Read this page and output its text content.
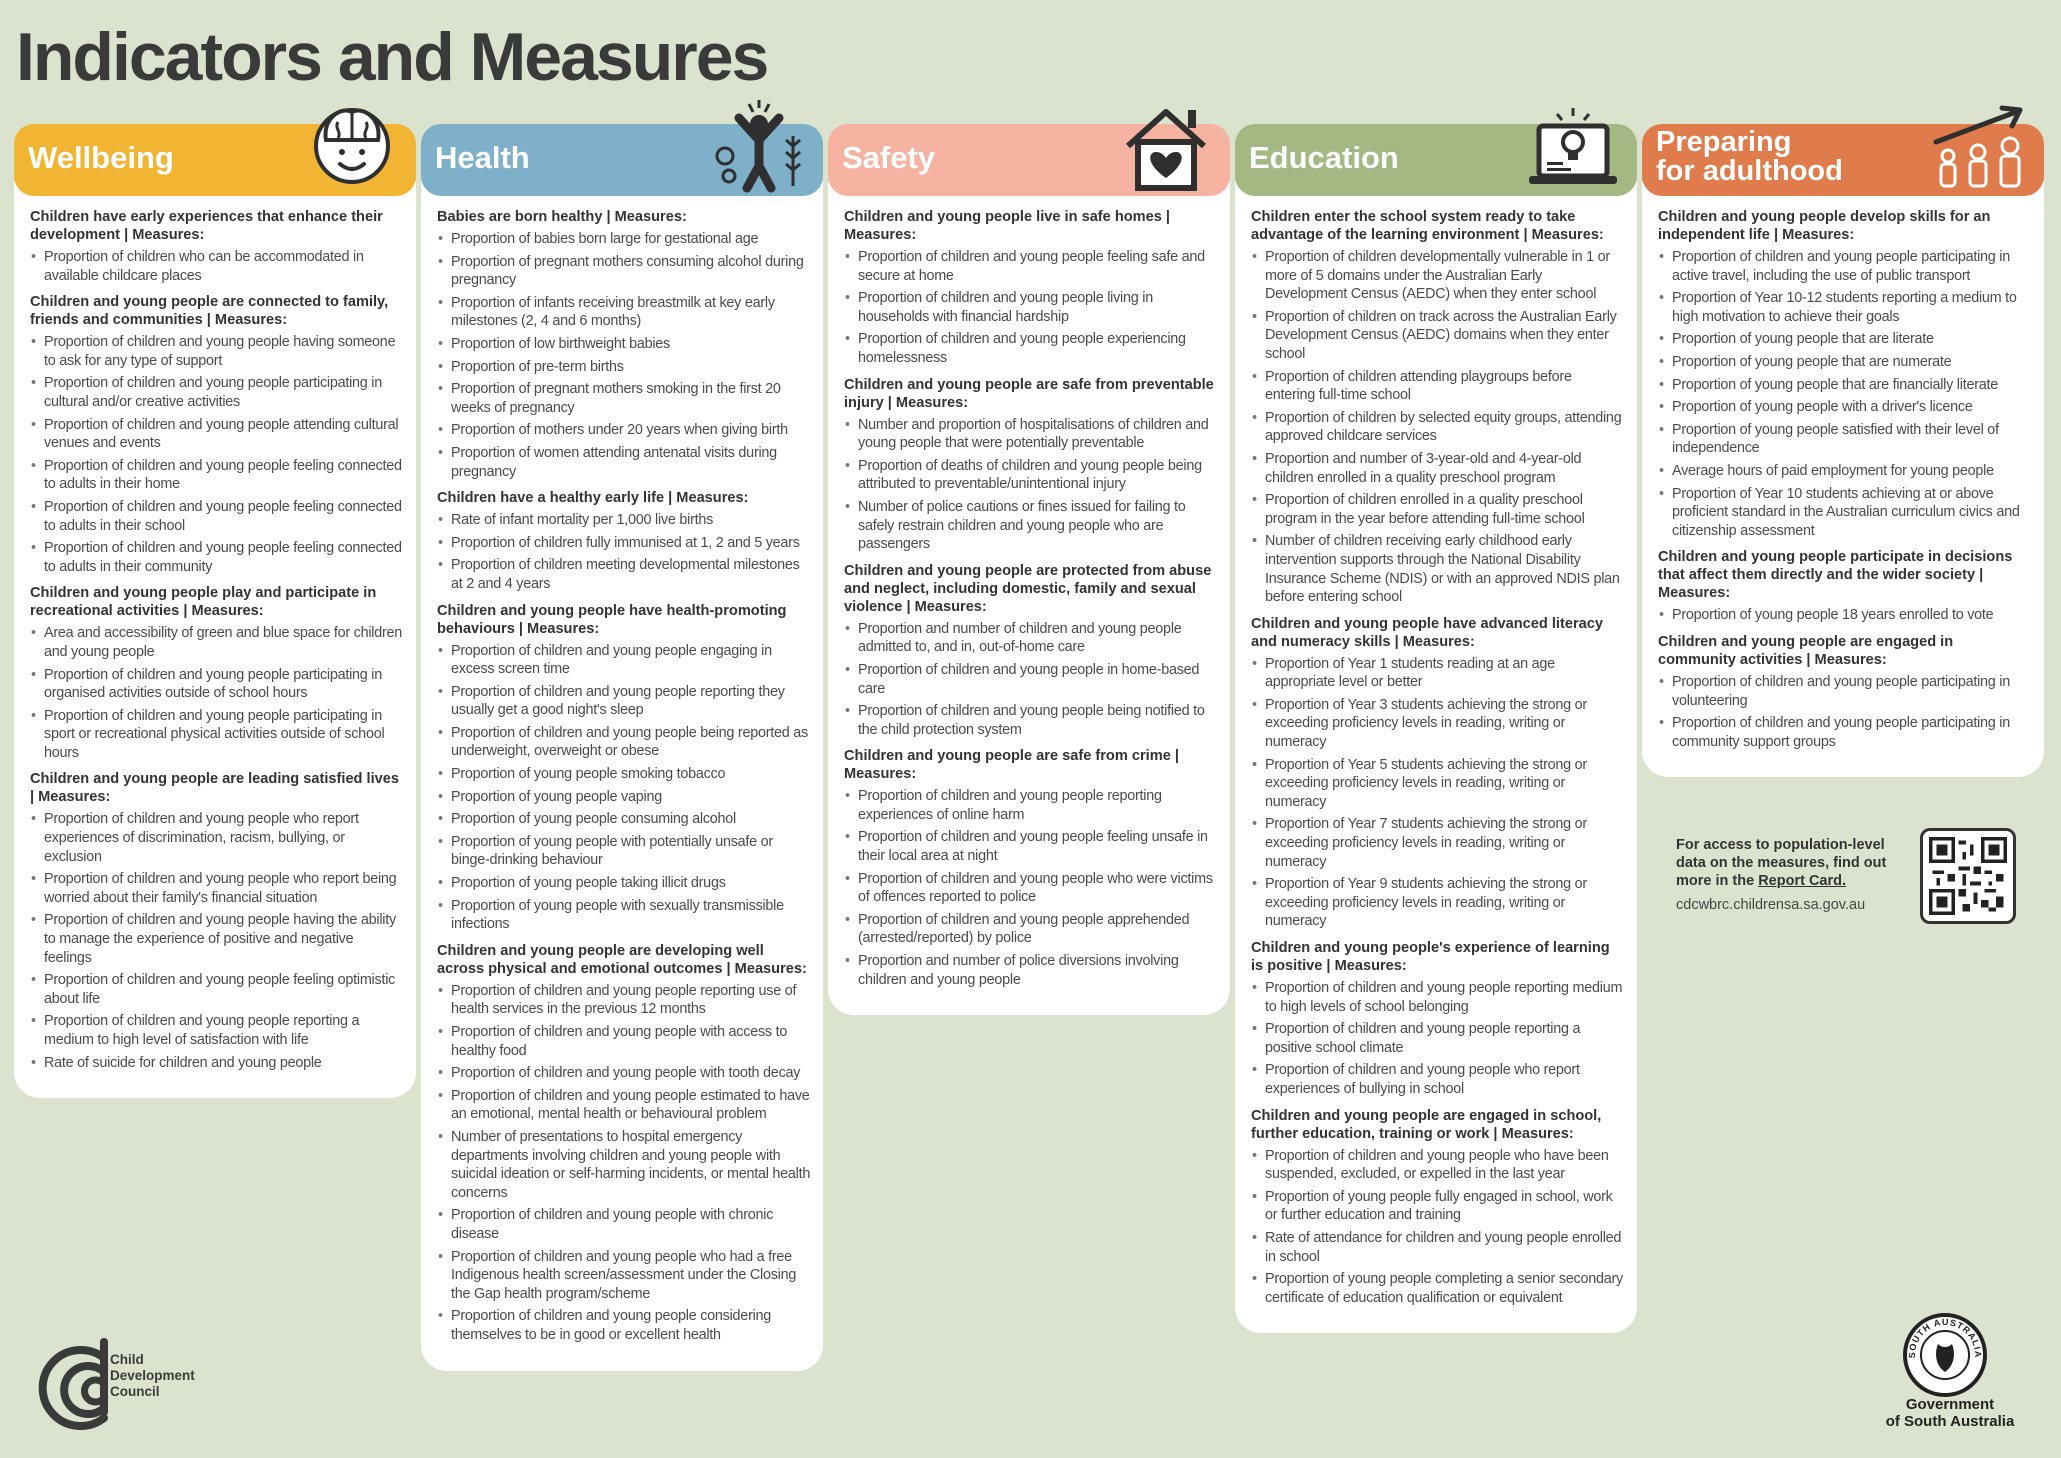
Indicators and Measures
Wellbeing
Children have early experiences that enhance their development | Measures:
• Proportion of children who can be accommodated in available childcare places
Children and young people are connected to family, friends and communities | Measures:
• Proportion of children and young people having someone to ask for any type of support
• Proportion of children and young people participating in cultural and/or creative activities
• Proportion of children and young people attending cultural venues and events
• Proportion of children and young people feeling connected to adults in their home
• Proportion of children and young people feeling connected to adults in their school
• Proportion of children and young people feeling connected to adults in their community
Children and young people play and participate in recreational activities | Measures:
• Area and accessibility of green and blue space for children and young people
• Proportion of children and young people participating in organised activities outside of school hours
• Proportion of children and young people participating in sport or recreational physical activities outside of school hours
Children and young people are leading satisfied lives | Measures:
• Proportion of children and young people who report experiences of discrimination, racism, bullying, or exclusion
• Proportion of children and young people who report being worried about their family's financial situation
• Proportion of children and young people having the ability to manage the experience of positive and negative feelings
• Proportion of children and young people feeling optimistic about life
• Proportion of children and young people reporting a medium to high level of satisfaction with life
• Rate of suicide for children and young people
Health
Babies are born healthy | Measures:
• Proportion of babies born large for gestational age
• Proportion of pregnant mothers consuming alcohol during pregnancy
• Proportion of infants receiving breastmilk at key early milestones (2, 4 and 6 months)
• Proportion of low birthweight babies
• Proportion of pre-term births
• Proportion of pregnant mothers smoking in the first 20 weeks of pregnancy
• Proportion of mothers under 20 years when giving birth
• Proportion of women attending antenatal visits during pregnancy
Children have a healthy early life | Measures:
• Rate of infant mortality per 1,000 live births
• Proportion of children fully immunised at 1, 2 and 5 years
• Proportion of children meeting developmental milestones at 2 and 4 years
Children and young people have health-promoting behaviours | Measures:
• Proportion of children and young people engaging in excess screen time
• Proportion of children and young people reporting they usually get a good night's sleep
• Proportion of children and young people being reported as underweight, overweight or obese
• Proportion of young people smoking tobacco
• Proportion of young people vaping
• Proportion of young people consuming alcohol
• Proportion of young people with potentially unsafe or binge-drinking behaviour
• Proportion of young people taking illicit drugs
• Proportion of young people with sexually transmissible infections
Children and young people are developing well across physical and emotional outcomes | Measures:
• Proportion of children and young people reporting use of health services in the previous 12 months
• Proportion of children and young people with access to healthy food
• Proportion of children and young people with tooth decay
• Proportion of children and young people estimated to have an emotional, mental health or behavioural problem
• Number of presentations to hospital emergency departments involving children and young people with suicidal ideation or self-harming incidents, or mental health concerns
• Proportion of children and young people with chronic disease
• Proportion of children and young people who had a free Indigenous health screen/assessment under the Closing the Gap health program/scheme
• Proportion of children and young people considering themselves to be in good or excellent health
Safety
Children and young people live in safe homes | Measures:
• Proportion of children and young people feeling safe and secure at home
• Proportion of children and young people living in households with financial hardship
• Proportion of children and young people experiencing homelessness
Children and young people are safe from preventable injury | Measures:
• Number and proportion of hospitalisations of children and young people that were potentially preventable
• Proportion of deaths of children and young people being attributed to preventable/unintentional injury
• Number of police cautions or fines issued for failing to safely restrain children and young people who are passengers
Children and young people are protected from abuse and neglect, including domestic, family and sexual violence | Measures:
• Proportion and number of children and young people admitted to, and in, out-of-home care
• Proportion of children and young people in home-based care
• Proportion of children and young people being notified to the child protection system
Children and young people are safe from crime | Measures:
• Proportion of children and young people reporting experiences of online harm
• Proportion of children and young people feeling unsafe in their local area at night
• Proportion of children and young people who were victims of offences reported to police
• Proportion of children and young people apprehended (arrested/reported) by police
• Proportion and number of police diversions involving children and young people
Education
Children enter the school system ready to take advantage of the learning environment | Measures:
• Proportion of children developmentally vulnerable in 1 or more of 5 domains under the Australian Early Development Census (AEDC) when they enter school
• Proportion of children on track across the Australian Early Development Census (AEDC) domains when they enter school
• Proportion of children attending playgroups before entering full-time school
• Proportion of children by selected equity groups, attending approved childcare services
• Proportion and number of 3-year-old and 4-year-old children enrolled in a quality preschool program
• Proportion of children enrolled in a quality preschool program in the year before attending full-time school
• Number of children receiving early childhood early intervention supports through the National Disability Insurance Scheme (NDIS) or with an approved NDIS plan before entering school
Children and young people have advanced literacy and numeracy skills | Measures:
• Proportion of Year 1 students reading at an age appropriate level or better
• Proportion of Year 3 students achieving the strong or exceeding proficiency levels in reading, writing or numeracy
• Proportion of Year 5 students achieving the strong or exceeding proficiency levels in reading, writing or numeracy
• Proportion of Year 7 students achieving the strong or exceeding proficiency levels in reading, writing or numeracy
• Proportion of Year 9 students achieving the strong or exceeding proficiency levels in reading, writing or numeracy
Children and young people's experience of learning is positive | Measures:
• Proportion of children and young people reporting medium to high levels of school belonging
• Proportion of children and young people reporting a positive school climate
• Proportion of children and young people who report experiences of bullying in school
Children and young people are engaged in school, further education, training or work | Measures:
• Proportion of children and young people who have been suspended, excluded, or expelled in the last year
• Proportion of young people fully engaged in school, work or further education and training
• Rate of attendance for children and young people enrolled in school
• Proportion of young people completing a senior secondary certificate of education qualification or equivalent
Preparing
for adulthood
Children and young people develop skills for an independent life | Measures:
• Proportion of children and young people participating in active travel, including the use of public transport
• Proportion of Year 10-12 students reporting a medium to high motivation to achieve their goals
• Proportion of young people that are literate
• Proportion of young people that are numerate
• Proportion of young people that are financially literate
• Proportion of young people with a driver's licence
• Proportion of young people satisfied with their level of independence
• Average hours of paid employment for young people
• Proportion of Year 10 students achieving at or above proficient standard in the Australian curriculum civics and citizenship assessment
Children and young people participate in decisions that affect them directly and the wider society | Measures:
• Proportion of young people 18 years enrolled to vote
Children and young people are engaged in community activities | Measures:
• Proportion of children and young people participating in volunteering
• Proportion of children and young people participating in community support groups
For access to population-level data on the measures, find out more in the Report Card.
cdcwbrc.childrensa.sa.gov.au
Child
Development
Council
SOUTH AUSTRALIA
Government
of South Australia
